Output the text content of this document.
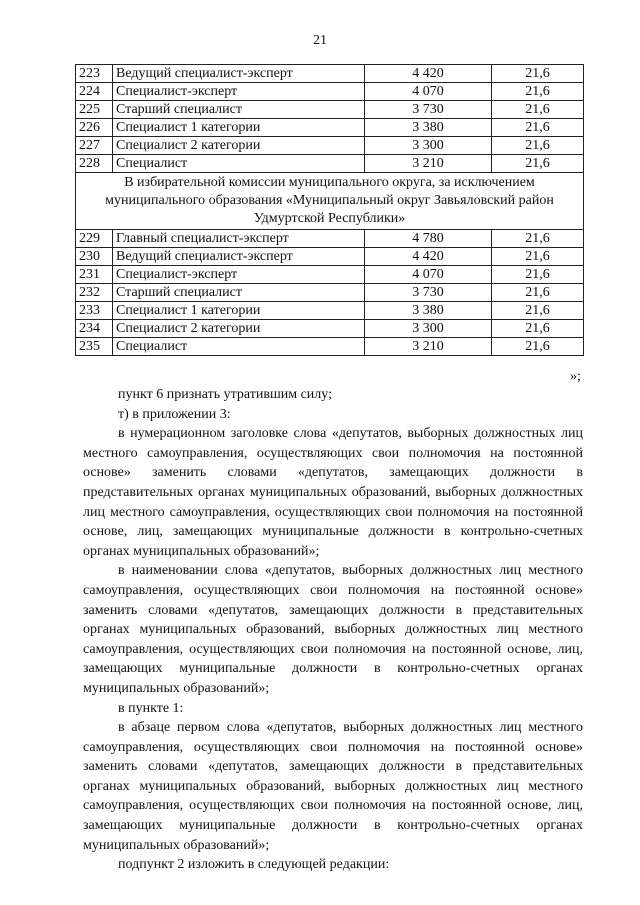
21
223	Ведущий специалист-эксперт	4 420	21,6
224	Специалист-эксперт	4 070	21,6
225	Старший специалист	3 730	21,6
226	Специалист 1 категории	3 380	21,6
227	Специалист 2 категории	3 300	21,6
228	Специалист	3 210	21,6
В избирательной комиссии муниципального округа, за исключением муниципального образования «Муниципальный округ Завьяловский район Удмуртской Республики»			
229	Главный специалист-эксперт	4 780	21,6
230	Ведущий специалист-эксперт	4 420	21,6
231	Специалист-эксперт	4 070	21,6
232	Старший специалист	3 730	21,6
233	Специалист 1 категории	3 380	21,6
234	Специалист 2 категории	3 300	21,6
235	Специалист	3 210	21,6
»;

пункт 6 признать утратившим силу;

т) в приложении 3:

в нумерационном заголовке слова «депутатов, выборных должностных лиц местного самоуправления, осуществляющих свои полномочия на постоянной основе» заменить словами «депутатов, замещающих должности в представительных органах муниципальных образований, выборных должностных лиц местного самоуправления, осуществляющих свои полномочия на постоянной основе, лиц, замещающих муниципальные должности в контрольно-счетных органах муниципальных образований»;

в наименовании слова «депутатов, выборных должностных лиц местного самоуправления, осуществляющих свои полномочия на постоянной основе» заменить словами «депутатов, замещающих должности в представительных органах муниципальных образований, выборных должностных лиц местного самоуправления, осуществляющих свои полномочия на постоянной основе, лиц, замещающих муниципальные должности в контрольно-счетных органах муниципальных образований»;

в пункте 1:

в абзаце первом слова «депутатов, выборных должностных лиц местного самоуправления, осуществляющих свои полномочия на постоянной основе» заменить словами «депутатов, замещающих должности в представительных органах муниципальных образований, выборных должностных лиц местного самоуправления, осуществляющих свои полномочия на постоянной основе, лиц, замещающих муниципальные должности в контрольно-счетных органах муниципальных образований»;

подпункт 2 изложить в следующей редакции:
